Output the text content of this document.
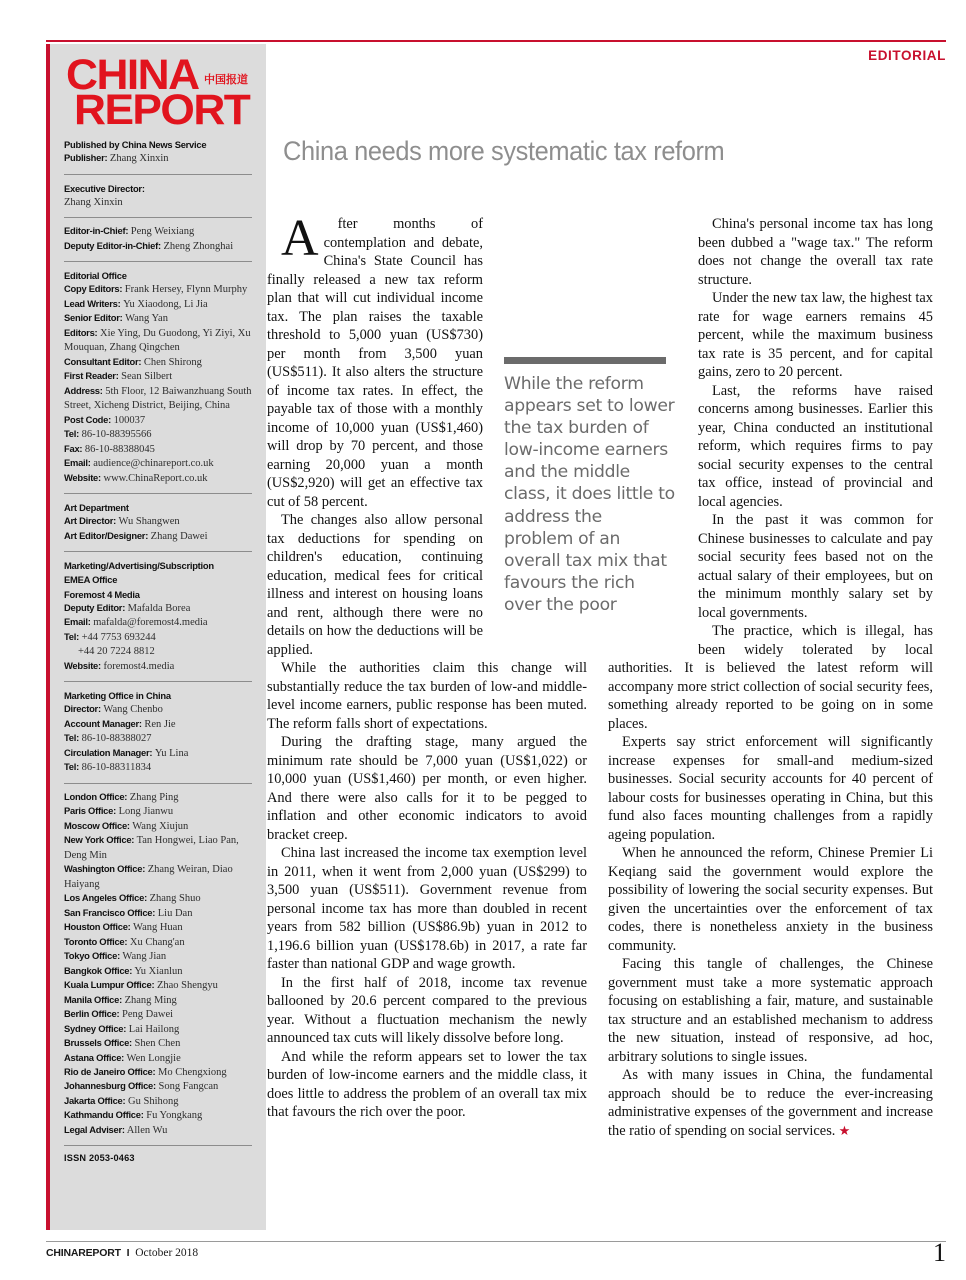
EDITORIAL
CHINA
REPORT
中国报道
Published by China News Service
Publisher: Zhang Xinxin
Executive Director:
Zhang Xinxin
Editor-in-Chief: Peng Weixiang
Deputy Editor-in-Chief: Zheng Zhonghai
Editorial Office
Copy Editors: Frank Hersey, Flynn Murphy
Lead Writers: Yu Xiaodong, Li Jia
Senior Editor: Wang Yan
Editors: Xie Ying, Du Guodong, Yi Ziyi, Xu Mouquan, Zhang Qingchen
Consultant Editor: Chen Shirong
First Reader: Sean Silbert
Address: 5th Floor, 12 Baiwanzhuang South Street, Xicheng District, Beijing, China
Post Code: 100037
Tel: 86-10-88395566
Fax: 86-10-88388045
Email: audience@chinareport.co.uk
Website: www.ChinaReport.co.uk
Art Department
Art Director: Wu Shangwen
Art Editor/Designer: Zhang Dawei
Marketing/Advertising/Subscription
EMEA Office
Foremost 4 Media
Deputy Editor: Mafalda Borea
Email: mafalda@foremost4.media
Tel: +44 7753 693244
+44 20 7224 8812
Website: foremost4.media
Marketing Office in China
Director: Wang Chenbo
Account Manager: Ren Jie
Tel: 86-10-88388027
Circulation Manager: Yu Lina
Tel: 86-10-88311834
London Office: Zhang Ping
Paris Office: Long Jianwu
Moscow Office: Wang Xiujun
New York Office: Tan Hongwei, Liao Pan, Deng Min
Washington Office: Zhang Weiran, Diao Haiyang
Los Angeles Office: Zhang Shuo
San Francisco Office: Liu Dan
Houston Office: Wang Huan
Toronto Office: Xu Chang'an
Tokyo Office: Wang Jian
Bangkok Office: Yu Xianlun
Kuala Lumpur Office: Zhao Shengyu
Manila Office: Zhang Ming
Berlin Office: Peng Dawei
Sydney Office: Lai Hailong
Brussels Office: Shen Chen
Astana Office: Wen Longjie
Rio de Janeiro Office: Mo Chengxiong
Johannesburg Office: Song Fangcan
Jakarta Office: Gu Shihong
Kathmandu Office: Fu Yongkang
Legal Adviser: Allen Wu
ISSN 2053-0463
China needs more systematic tax reform

After months of contemplation and debate, China's State Council has finally released a new tax reform plan that will cut individual income tax. The plan raises the taxable threshold to 5,000 yuan (US$730) per month from 3,500 yuan (US$511). It also alters the structure of income tax rates. In effect, the payable tax of those with a monthly income of 10,000 yuan (US$1,460) will drop by 70 percent, and those earning 20,000 yuan a month (US$2,920) will get an effective tax cut of 58 percent.

The changes also allow personal tax deductions for spending on children's education, continuing education, medical fees for critical illness and interest on housing loans and rent, although there were no details on how the deductions will be applied.

While the authorities claim this change will substantially reduce the tax burden of low-and middle-level income earners, public response has been muted. The reform falls short of expectations.

During the drafting stage, many argued the minimum rate should be 7,000 yuan (US$1,022) or 10,000 yuan (US$1,460) per month, or even higher. And there were also calls for it to be pegged to inflation and other economic indicators to avoid bracket creep.

China last increased the income tax exemption level in 2011, when it went from 2,000 yuan (US$299) to 3,500 yuan (US$511). Government revenue from personal income tax has more than doubled in recent years from 582 billion (US$86.9b) yuan in 2012 to 1,196.6 billion yuan (US$178.6b) in 2017, a rate far faster than national GDP and wage growth.

In the first half of 2018, income tax revenue ballooned by 20.6 percent compared to the previous year. Without a fluctuation mechanism the newly announced tax cuts will likely dissolve before long.

And while the reform appears set to lower the tax burden of low-income earners and the middle class, it does little to address the problem of an overall tax mix that favours the rich over the poor.

China's personal income tax has long been dubbed a "wage tax." The reform does not change the overall tax rate structure.

Under the new tax law, the highest tax rate for wage earners remains 45 percent, while the maximum business tax rate is 35 percent, and for capital gains, zero to 20 percent.

Last, the reforms have raised concerns among businesses. Earlier this year, China conducted an institutional reform, which requires firms to pay social security expenses to the central tax office, instead of provincial and local agencies.

In the past it was common for Chinese businesses to calculate and pay social security fees based not on the actual salary of their employees, but on the minimum monthly salary set by local governments.

The practice, which is illegal, has been widely tolerated by local authorities. It is believed the latest reform will accompany more strict collection of social security fees, something already reported to be going on in some places.

Experts say strict enforcement will significantly increase expenses for small-and medium-sized businesses. Social security accounts for 40 percent of labour costs for businesses operating in China, but this fund also faces mounting challenges from a rapidly ageing population.

When he announced the reform, Chinese Premier Li Keqiang said the government would explore the possibility of lowering the social security expenses. But given the uncertainties over the enforcement of tax codes, there is nonetheless anxiety in the business community.

Facing this tangle of challenges, the Chinese government must take a more systematic approach focusing on establishing a fair, mature, and sustainable tax structure and an established mechanism to address the new situation, instead of responsive, ad hoc, arbitrary solutions to single issues.

As with many issues in China, the fundamental approach should be to reduce the ever-increasing administrative expenses of the government and increase the ratio of spending on social services. ★

While the reform appears set to lower the tax burden of low-income earners and the middle class, it does little to address the problem of an overall tax mix that favours the rich over the poor
CHINAREPORT I October 2018	1
